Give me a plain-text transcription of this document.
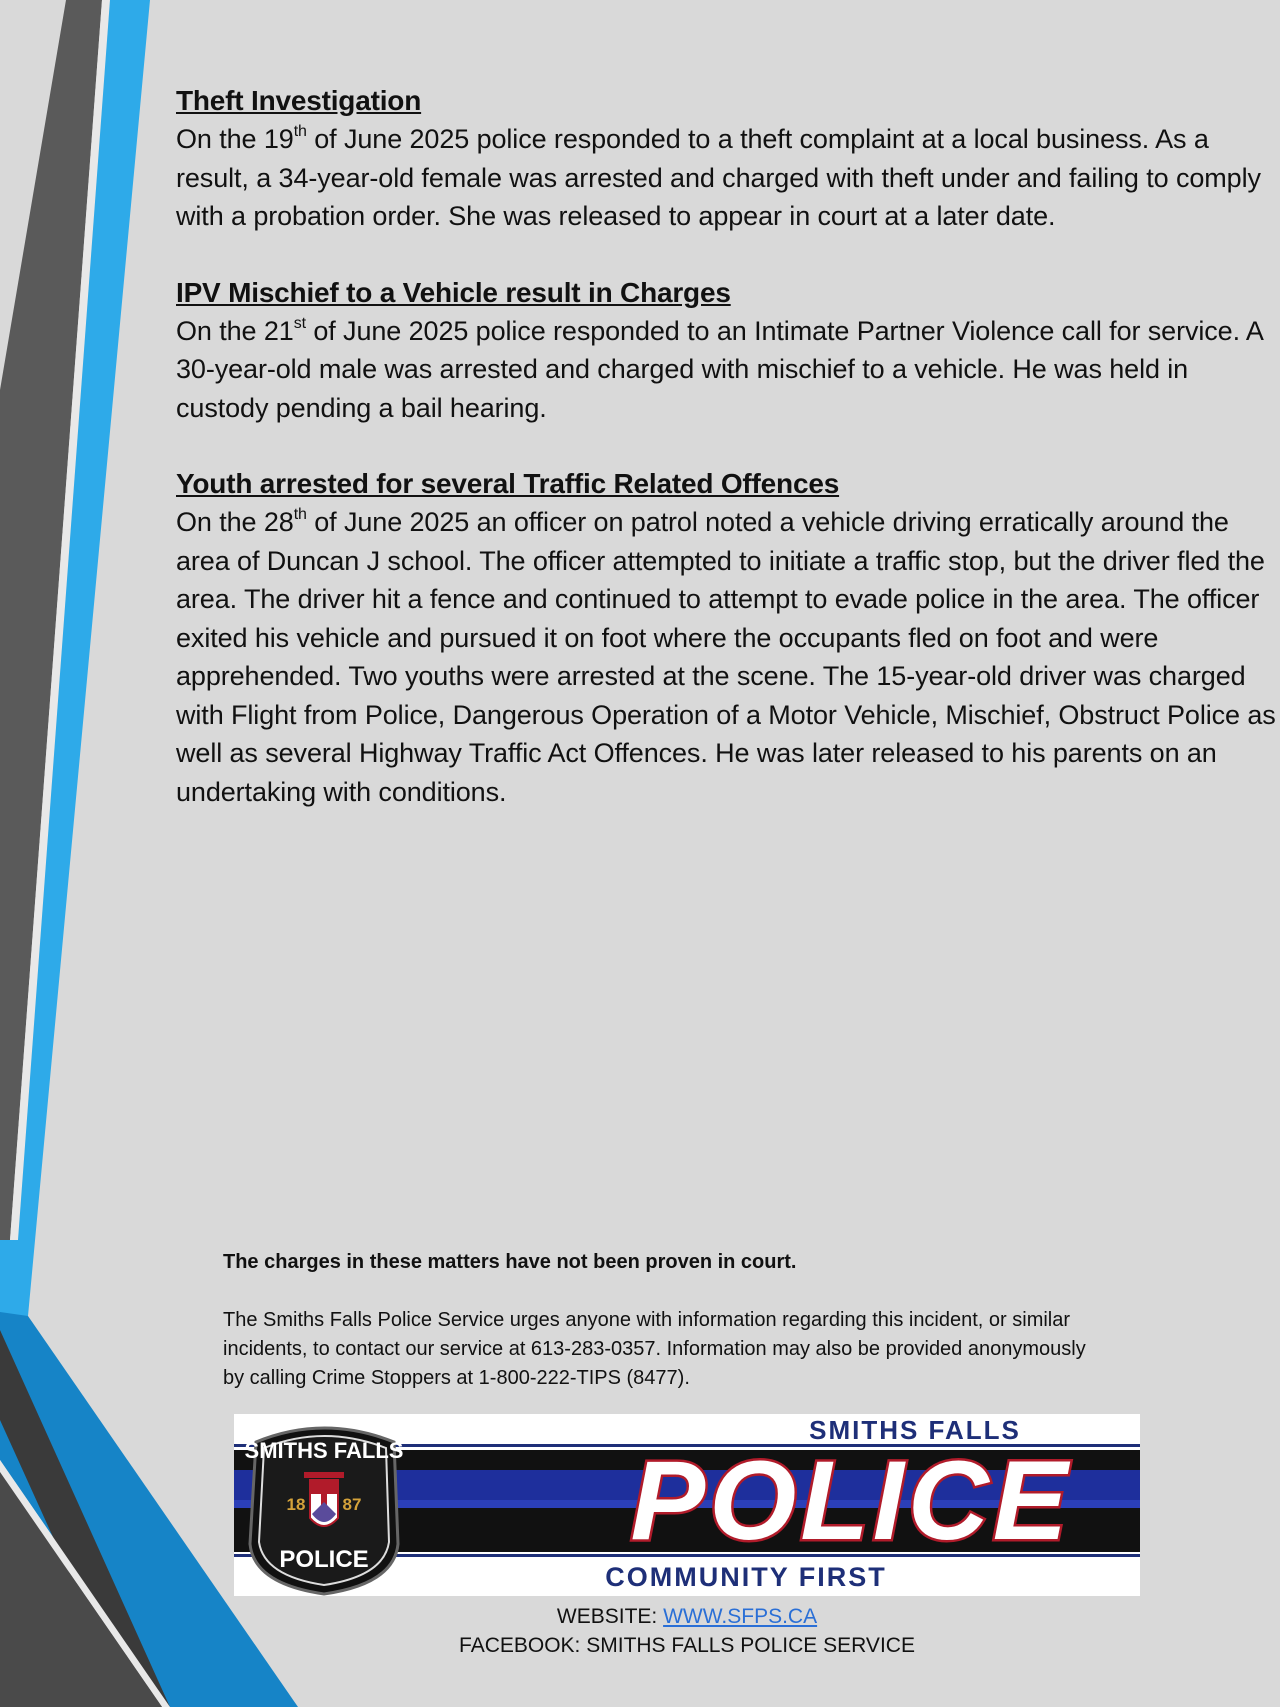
Theft Investigation

On the 19th of June 2025 police responded to a theft complaint at a local business. As a result, a 34-year-old female was arrested and charged with theft under and failing to comply with a probation order. She was released to appear in court at a later date.

IPV Mischief to a Vehicle result in Charges

On the 21st of June 2025 police responded to an Intimate Partner Violence call for service. A 30-year-old male was arrested and charged with mischief to a vehicle. He was held in custody pending a bail hearing.

Youth arrested for several Traffic Related Offences

On the 28th of June 2025 an officer on patrol noted a vehicle driving erratically around the area of Duncan J school. The officer attempted to initiate a traffic stop, but the driver fled the area. The driver hit a fence and continued to attempt to evade police in the area. The officer exited his vehicle and pursued it on foot where the occupants fled on foot and were apprehended. Two youths were arrested at the scene. The 15-year-old driver was charged with Flight from Police, Dangerous Operation of a Motor Vehicle, Mischief, Obstruct Police as well as several Highway Traffic Act Offences. He was later released to his parents on an undertaking with conditions.

The charges in these matters have not been proven in court.

The Smiths Falls Police Service urges anyone with information regarding this incident, or similar incidents, to contact our service at 613-283-0357. Information may also be provided anonymously by calling Crime Stoppers at 1-800-222-TIPS (8477).

SMITHS FALLS
POLICE
COMMUNITY FIRST
SMITHS FALLS
18 87
POLICE
WEBSITE: WWW.SFPS.CA
FACEBOOK: SMITHS FALLS POLICE SERVICE
